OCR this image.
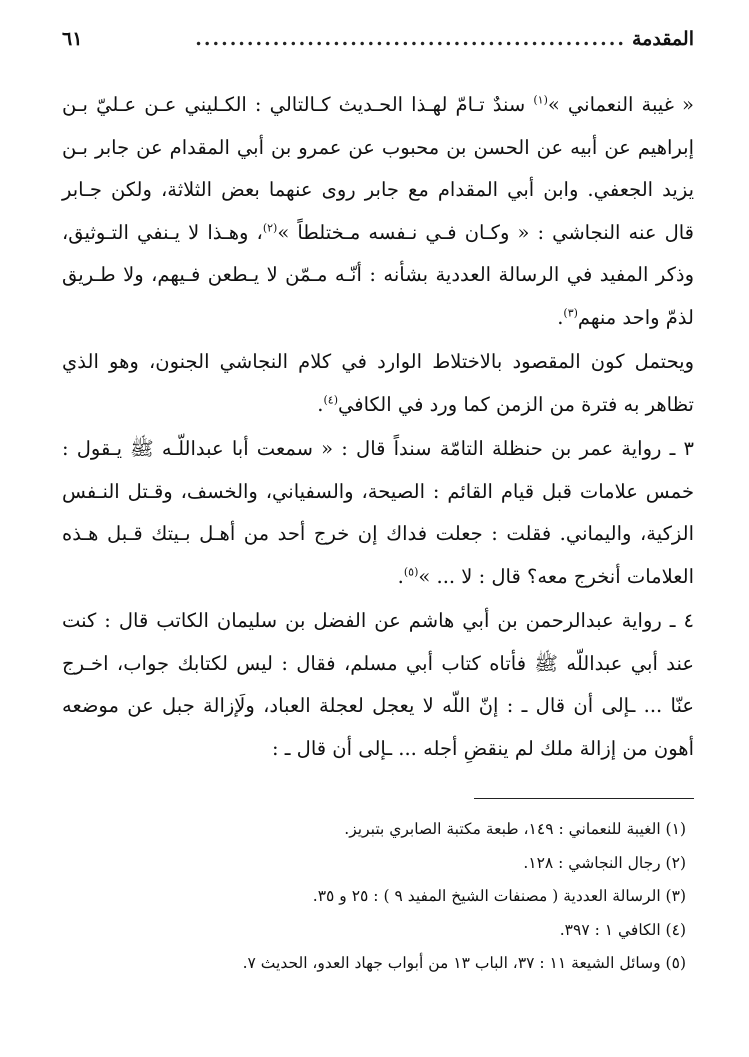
المقدمة
..................................................
٦١

« غيبة النعماني »$^{(١)}$ سندٌ تـامّ لهـذا الحـديث كـالتالي : الكـليني عـن عـليّ بـن إبراهيم عن أبيه عن الحسن بن محبوب عن عمرو بن أبي المقدام عن جابر بـن يزيد الجعفي. وابن أبي المقدام مع جابر روى عنهما بعض الثلاثة، ولكن جـابر قال عنه النجاشي : « وكـان فـي نـفسه مـختلطاً »$^{(٢)}$، وهـذا لا يـنفي التـوثيق، وذكر المفيد في الرسالة العددية بشأنه : أنّـه مـمّن لا يـطعن فـيهم، ولا طـريق لذمّ واحد منهم$^{(٣)}$.

ويحتمل كون المقصود بالاختلاط الوارد في كلام النجاشي الجنون، وهو الذي تظاهر به فترة من الزمن كما ورد في الكافي$^{(٤)}$.

٣ ـ رواية عمر بن حنظلة التامّة سنداً قال : « سمعت أبا عبداللّـه ﷺ يـقول : خمس علامات قبل قيام القائم : الصيحة، والسفياني، والخسف، وقـتل النـفس الزكية، واليماني. فقلت : جعلت فداك إن خرج أحد من أهـل بـيتك قـبل هـذه العلامات أنخرج معه؟ قال : لا ... »$^{(٥)}$.

٤ ـ رواية عبدالرحمن بن أبي هاشم عن الفضل بن سليمان الكاتب قال : كنت عند أبي عبداللّه ﷺ فأتاه كتاب أبي مسلم، فقال : ليس لكتابك جواب، اخـرج عنّا ... ـإلى أن قال ـ : إنّ اللّه لا يعجل لعجلة العباد، ولَإزالة جبل عن موضعه أهون من إزالة ملك لم ينقضِ أجله ... ـإلى أن قال ـ :

(١) الغيبة للنعماني : ١٤٩، طبعة مكتبة الصابري بتبريز.
(٢) رجال النجاشي : ١٢٨.
(٣) الرسالة العددية ( مصنفات الشيخ المفيد ٩ ) : ٢٥ و ٣٥.
(٤) الكافي ١ : ٣٩٧.
(٥) وسائل الشيعة ١١ : ٣٧، الباب ١٣ من أبواب جهاد العدو، الحديث ٧.
